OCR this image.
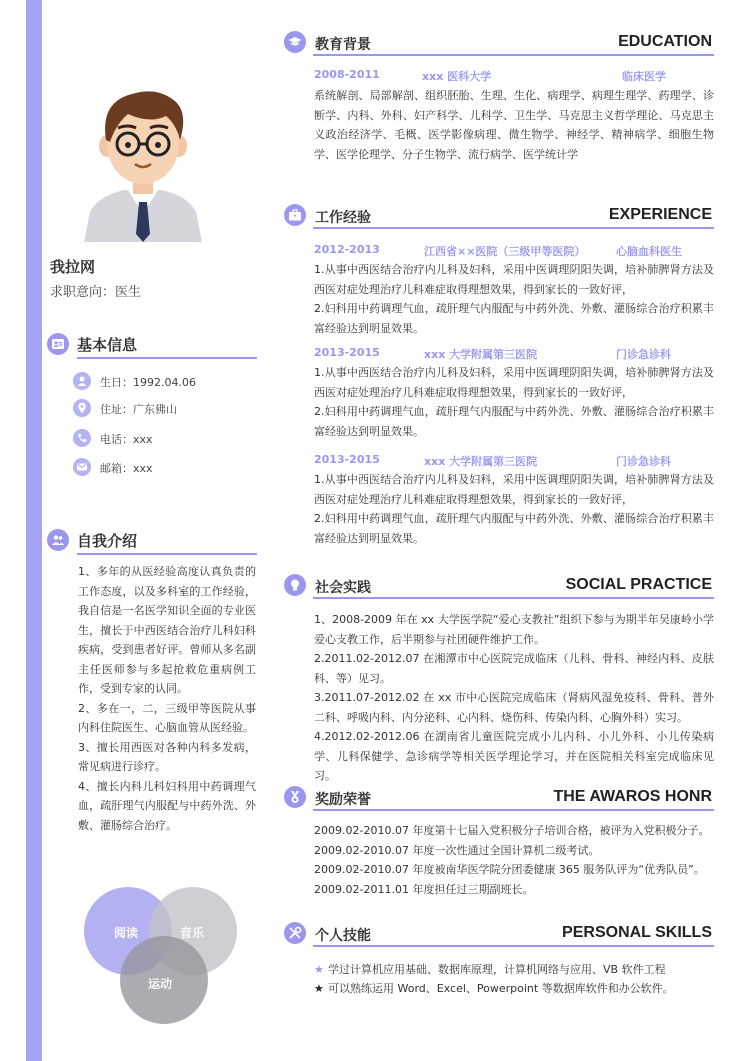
我拉网
求职意向：医生
基本信息
生日：1992.04.06
住址：广东佛山
电话：xxx
邮箱：xxx
自我介绍

1、多年的从医经验高度认真负责的工作态度，以及多科室的工作经验，我自信是一名医学知识全面的专业医生，擅长于中西医结合治疗儿科妇科疾病，受到患者好评。曾师从多名副主任医师参与多起抢救危重病例工作，受到专家的认同。

2、多在一，二，三级甲等医院从事内科住院医生、心脑血管从医经验。

3、擅长用西医对各种内科多发病，常见病进行诊疗。

4、擅长内科儿科妇科用中药调理气血，疏肝理气内服配与中药外洗、外敷、灌肠综合治疗。

阅读	音乐
运动
教育背景	EDUCATION
2008-2011	xxx 医科大学	临床医学

系统解剖、局部解剖、组织胚胎、生理、生化、病理学、病理生理学、药理学、诊断学、内科、外科、妇产科学、儿科学、卫生学、马克思主义哲学理论、马克思主义政治经济学、毛概、医学影像病理、微生物学、神经学、精神病学、细胞生物学、医学伦理学、分子生物学、流行病学、医学统计学

工作经验	EXPERIENCE
2012-2013	江西省××医院（三级甲等医院）	心脑血科医生

1.从事中西医结合治疗内儿科及妇科，采用中医调理阴阳失调，培补肺脾肾方法及西医对症处理治疗儿科难症取得理想效果，得到家长的一致好评，

2.妇科用中药调理气血，疏肝理气内服配与中药外洗、外敷、灌肠综合治疗积累丰富经验达到明显效果。

2013-2015	xxx 大学附属第三医院	门诊急诊科

1.从事中西医结合治疗内儿科及妇科，采用中医调理阴阳失调，培补肺脾肾方法及西医对症处理治疗儿科难症取得理想效果，得到家长的一致好评，

2.妇科用中药调理气血，疏肝理气内服配与中药外洗、外敷、灌肠综合治疗积累丰富经验达到明显效果。

2013-2015	xxx 大学附属第三医院	门诊急诊科

1.从事中西医结合治疗内儿科及妇科，采用中医调理阴阳失调，培补肺脾肾方法及西医对症处理治疗儿科难症取得理想效果，得到家长的一致好评，

2.妇科用中药调理气血，疏肝理气内服配与中药外洗、外敷、灌肠综合治疗积累丰富经验达到明显效果。

社会实践	SOCIAL PRACTICE

1、2008-2009 年在 xx 大学医学院“爱心支教社”组织下参与为期半年吴康岭小学爱心支教工作，后半期参与社团硬件维护工作。

2.2011.02-2012.07 在湘潭市中心医院完成临床（儿科、骨科、神经内科、皮肤科、等）见习。

3.2011.07-2012.02 在 xx 市中心医院完成临床（肾病风湿免疫科、骨科、普外二科、呼吸内科、内分泌科、心内科、烧伤科、传染内科、心胸外科）实习。

4.2012.02-2012.06 在湖南省儿童医院完成小儿内科、小儿外科、小儿传染病学、儿科保健学、急诊病学等相关医学理论学习，并在医院相关科室完成临床见习。

奖励荣誉	THE AWAROS HONR

2009.02-2010.07 年度第十七届入党积极分子培训合格，被评为入党积极分子。

2009.02-2010.07 年度一次性通过全国计算机二级考试。

2009.02-2010.07 年度被南华医学院分团委健康 365 服务队评为“优秀队员”。

2009.02-2011.01 年度担任过三期副班长。

个人技能	PERSONAL SKILLS
★ 学过计算机应用基础、数据库原理，计算机网络与应用、VB 软件工程
★ 可以熟练运用 Word、Excel、Powerpoint 等数据库软件和办公软件。
